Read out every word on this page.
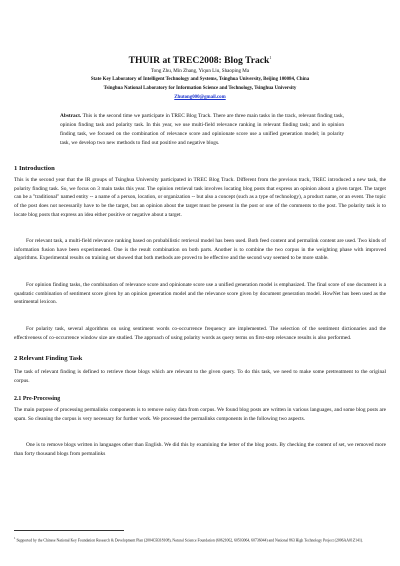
THUIR at TREC2008: Blog Track$^1$
Tong Zhu, Min Zhang, Yiqun Liu, Shaoping Ma
State Key Laboratory of Intelligent Technology and Systems, Tsinghua University, Beijing 100084, China
Tsinghua National Laboratory for Information Science and Technology, Tsinghua University
Zhutong000@gmail.com
Abstract. This is the second time we participate in TREC Blog Track. There are three main tasks in the track, relevant finding task, opinion finding task and polarity task. In this year, we use multi-field relevance ranking in relevant finding task; and in opinion finding task, we focused on the combination of relevance score and opinionate score use a unified generation model; in polarity task, we develop two new methods to find out positive and negative blogs.
1 Introduction

This is the second year that the IR groups of Tsinghua University participated in TREC Blog Track. Different from the previous track, TREC introduced a new task, the polarity finding task. So, we focus on 3 main tasks this year. The opinion retrieval task involves locating blog posts that express an opinion about a given target. The target can be a "traditional" named entity -- a name of a person, location, or organization -- but also a concept (such as a type of technology), a product name, or an event. The topic of the post does not necessarily have to be the target, but an opinion about the target must be present in the post or one of the comments to the post. The polarity task is to locate blog posts that express an idea either positive or negative about a target.

For relevant task, a multi-field relevance ranking based on probabilistic retrieval model has been used. Both feed content and permalink content are used. Two kinds of information fusion have been experimented. One is the result combination on both parts. Another is to combine the two corpus in the weighting phase with improved algorithms. Experimental results on training set showed that both methods are proved to be effective and the second way seemed to be more stable.

For opinion finding tasks, the combination of relevance score and opinionate score use a unified generation model is emphasized. The final score of one document is a quadratic combination of sentiment score given by an opinion generation model and the relevance score given by document generation model. HowNet has been used as the sentimental lexicon.

For polarity task, several algorithms on using sentiment words co-occurrence frequency are implemented. The selection of the sentiment dictionaries and the effectiveness of co-occurrence window size are studied. The approach of using polarity words as query terms on first-step relevance results is also performed.

2 Relevant Finding Task

The task of relevant finding is defined to retrieve those blogs which are relevant to the given query. To do this task, we need to make some pretreatment to the original corpus.

2.1 Pre-Processing

The main purpose of processing permalinks components is to remove noisy data from corpus. We found blog posts are written in various languages, and some blog posts are spam. So cleaning the corpus is very necessary for further work. We processed the permalinks components in the following two aspects.

One is to remove blogs written in languages other than English. We did this by examining the letter of the blog posts. By checking the content of set, we removed more than forty thousand blogs from permalinks

$^1$ Supported by the Chinese National Key Foundation Research & Development Plan (2004CB318108), Natural Science Foundation (60621062, 60503064, 60736044) and National 863 High Technology Project (2006AA01Z141).
